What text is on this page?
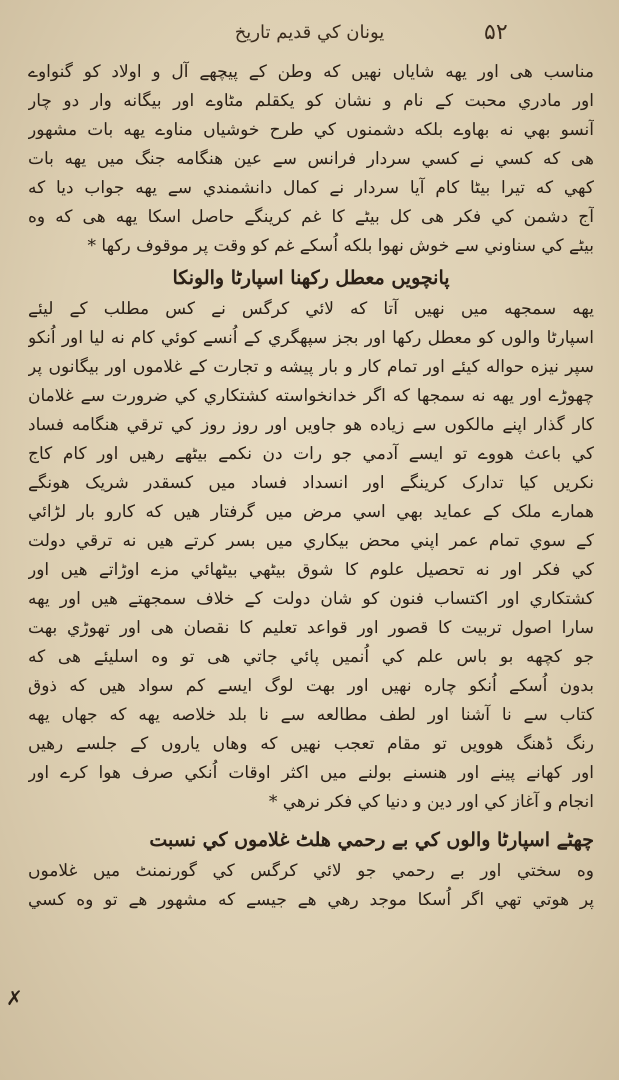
۵۲
یونان کي قدیم تاریخ
مناسب هی اور یهه شایاں نهیں که وطن کے پیچھے آل و اولاد کو گنواوے
اور مادري محبت کے نام و نشان کو یکقلم مٹاوے اور بیگانه وار دو چار
آنسو بهي نه بهاوے بلکه دشمنوں کي طرح خوشیاں مناوے یهه بات مشهور
هی که کسي نے کسي سردار فرانس سے عین هنگامه جنگ میں یهه بات
کهي که تیرا بیٹا کام آیا سردار نے کمال دانشمندي سے یهه جواب دیا که
آج دشمن کي فکر هی کل بیٹے کا غم کرینگے حاصل اسکا یهه هی که وه
بیٹے کي سناوني سے خوش نهوا بلکه اُسکے غم کو وقت پر موقوف رکھا *
پانچویں معطل رکھنا اسپارٹا والونکا
یهه سمجهه میں نهیں آتا که لائي کرگس نے کس مطلب کے لیئے
اسپارٹا والوں کو معطل رکھا اور بجز سپهگري کے اُنسے کوئي کام نه لیا اور اُنکو
سپر نیزه حواله کیئے اور تمام کار و بار پیشه و تجارت کے غلاموں اور بیگانوں پر
چھوڑے اور یهه نه سمجها که اگر خدانخواسته کشتکاري کي ضرورت سے غلامان
کار گذار اپنے مالکوں سے زیاده هو جاویں اور روز روز کي ترقي هنگامه فساد
کي باعث هووے تو ایسے آدمي جو رات دن نکمے بیٹھے رهیں اور کام کاج
نکریں کیا تدارک کرینگے اور انسداد فساد میں کسقدر شریک هونگے
همارے ملک کے عماید بهي اسي مرض میں گرفتار هیں که کارو بار لڑائي
کے سوي تمام عمر اپني محض بیکاري میں بسر کرتے هیں نه ترقي دولت
کي فکر اور نه تحصیل علوم کا شوق بیٹھي بیٹھائي مزے اوڑاتے هیں اور
کشتکاري اور اکتساب فنون کو شان دولت کے خلاف سمجهتے هیں اور یهه
سارا اصول تربیت کا قصور اور قواعد تعلیم کا نقصان هی اور تھوڑي بهت
جو کچهه بو باس علم کي اُنمیں پائي جاتي هی تو وه اسلیئے هی که
بدون اُسکے اُنکو چاره نهیں اور بهت لوگ ایسے کم سواد هیں که ذوق
کتاب سے نا آشنا اور لطف مطالعه سے نا بلد خلاصه یهه که جهاں یهه
رنگ ڈهنگ هوویں تو مقام تعجب نهیں که وهاں یاروں کے جلسے رهیں
اور کهانے پینے اور هنسنے بولنے میں اکثر اوقات اُنکي صرف هوا کرے اور
انجام و آغاز کي اور دین و دنیا کي فکر نرهي *
چھٹے اسپارٹا والوں کي بے رحمي هلٹ غلاموں کي نسبت
وه سختي اور بے رحمي جو لائي کرگس کي گورنمنٹ میں غلاموں
پر هوتي تھي اگر اُسکا موجد رهي هے جیسے که مشهور هے تو وه کسي
✗
